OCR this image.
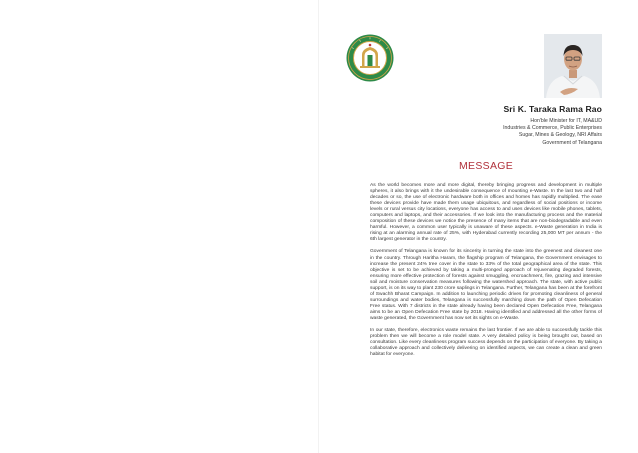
Sri K. Taraka Rama Rao
Hon'ble Minister for IT, MA&UD
Industries & Commerce, Public Enterprises
Sugar, Mines & Geology, NRI Affairs
Government of Telangana
MESSAGE

As the world becomes more and more digital, thereby bringing progress and development in multiple spheres, it also brings with it the undesirable consequence of mounting e-Waste. In the last two and half decades or so, the use of electronic hardware both in offices and homes has rapidly multiplied. The ease these devices provide have made them usage ubiquitous, and regardless of social positions or income levels or rural versus city locations, everyone has access to and uses devices like mobile phones, tablets, computers and laptops, and their accessories. If we look into the manufacturing process and the material composition of these devices we notice the presence of many items that are non-biodegradable and even harmful. However, a common user typically is unaware of these aspects. e-Waste generation in India is rising at an alarming annual rate of 25%, with Hyderabad currently recording 25,000 MT per annum - the 6th largest generator in the country.

Government of Telangana is known for its sincerity in turning the state into the greenest and cleanest one in the country. Through Haritha Haram, the flagship program of Telangana, the Government envisages to increase the present 24% tree cover in the state to 33% of the total geographical area of the state. This objective is set to be achieved by taking a multi-pronged approach of rejuvenating degraded forests, ensuring more effective protection of forests against smuggling, encroachment, fire, grazing and intensive soil and moisture conservation measures following the watershed approach. The state, with active public support, is on its way to plant 230 crore saplings in Telangana. Further, Telangana has been at the forefront of Swachh Bharat Campaign. In addition to launching periodic drives for promoting cleanliness of general surroundings and water bodies, Telangana is successfully marching down the path of Open Defecation Free status. With 7 districts in the state already having been declared Open Defecation Free, Telangana aims to be an Open Defecation Free state by 2018. Having identified and addressed all the other forms of waste generated, the Government has now set its sights on e-Waste.

In our state, therefore, electronics waste remains the last frontier. If we are able to successfully tackle this problem then we will become a role model state. A very detailed policy is being brought out, based on consultation. Like every cleanliness program success depends on the participation of everyone. By taking a collaborative approach and collectively delivering on identified aspects, we can create a clean and green habitat for everyone.
